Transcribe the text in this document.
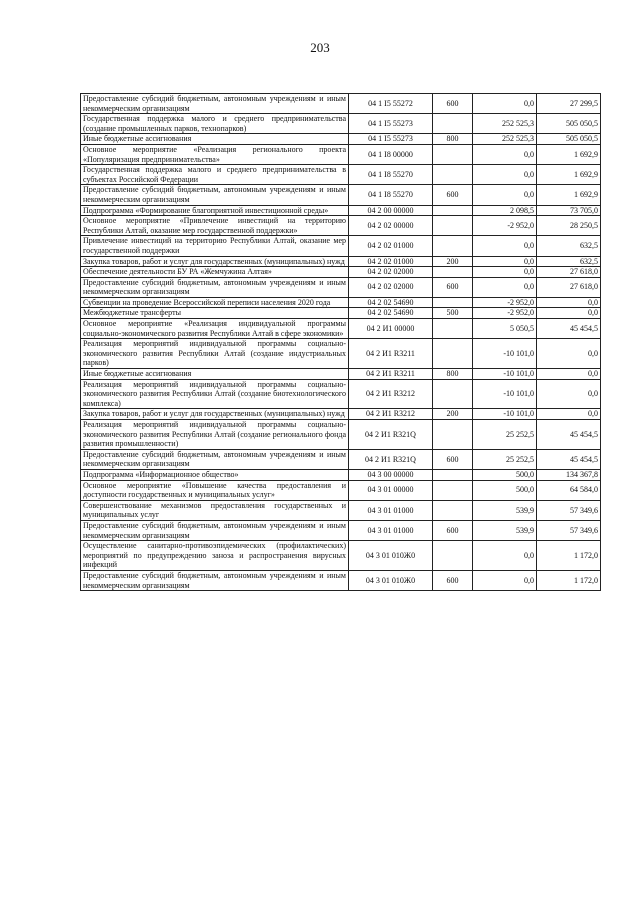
203
Предоставление субсидий бюджетным, автономным учреждениям и иным некоммерческим организациям	04 1 I5 55272	600	0,0	27 299,5
Государственная поддержка малого и среднего предпринимательства (создание промышленных парков, технопарков)	04 1 I5 55273		252 525,3	505 050,5
Иные бюджетные ассигнования	04 1 I5 55273	800	252 525,3	505 050,5
Основное мероприятие «Реализация регионального проекта «Популяризация предпринимательства»	04 1 I8 00000		0,0	1 692,9
Государственная поддержка малого и среднего предпринимательства в субъектах Российской Федерации	04 1 I8 55270		0,0	1 692,9
Предоставление субсидий бюджетным, автономным учреждениям и иным некоммерческим организациям	04 1 I8 55270	600	0,0	1 692,9
Подпрограмма «Формирование благоприятной инвестиционной среды»	04 2 00 00000		2 098,5	73 705,0
Основное мероприятие «Привлечение инвестиций на территорию Республики Алтай, оказание мер государственной поддержки»	04 2 02 00000		-2 952,0	28 250,5
Привлечение инвестиций на территорию Республики Алтай, оказание мер государственной поддержки	04 2 02 01000		0,0	632,5
Закупка товаров, работ и услуг для государственных (муниципальных) нужд	04 2 02 01000	200	0,0	632,5
Обеспечение деятельности БУ РА «Жемчужина Алтая»	04 2 02 02000		0,0	27 618,0
Предоставление субсидий бюджетным, автономным учреждениям и иным некоммерческим организациям	04 2 02 02000	600	0,0	27 618,0
Субвенции на проведение Всероссийской переписи населения 2020 года	04 2 02 54690		-2 952,0	0,0
Межбюджетные трансферты	04 2 02 54690	500	-2 952,0	0,0
Основное мероприятие «Реализация индивидуальной программы социально-экономического развития Республики Алтай в сфере экономики»	04 2 И1 00000		5 050,5	45 454,5
Реализация мероприятий индивидуальной программы социально-экономического развития Республики Алтай (создание индустриальных парков)	04 2 И1 R3211		-10 101,0	0,0
Иные бюджетные ассигнования	04 2 И1 R3211	800	-10 101,0	0,0
Реализация мероприятий индивидуальной программы социально-экономического развития Республики Алтай (создание биотехнологического комплекса)	04 2 И1 R3212		-10 101,0	0,0
Закупка товаров, работ и услуг для государственных (муниципальных) нужд	04 2 И1 R3212	200	-10 101,0	0,0
Реализация мероприятий индивидуальной программы социально-экономического развития Республики Алтай (создание регионального фонда развития промышленности)	04 2 И1 R321Q		25 252,5	45 454,5
Предоставление субсидий бюджетным, автономным учреждениям и иным некоммерческим организациям	04 2 И1 R321Q	600	25 252,5	45 454,5
Подпрограмма «Информационное общество»	04 3 00 00000		500,0	134 367,8
Основное мероприятие «Повышение качества предоставления и доступности государственных и муниципальных услуг»	04 3 01 00000		500,0	64 584,0
Совершенствование механизмов предоставления государственных и муниципальных услуг	04 3 01 01000		539,9	57 349,6
Предоставление субсидий бюджетным, автономным учреждениям и иным некоммерческим организациям	04 3 01 01000	600	539,9	57 349,6
Осуществление санитарно-противоэпидемических (профилактических) мероприятий по предупреждению заноза и распространения вирусных инфекций	04 3 01 010Ж0		0,0	1 172,0
Предоставление субсидий бюджетным, автономным учреждениям и иным некоммерческим организациям	04 3 01 010Ж0	600	0,0	1 172,0
